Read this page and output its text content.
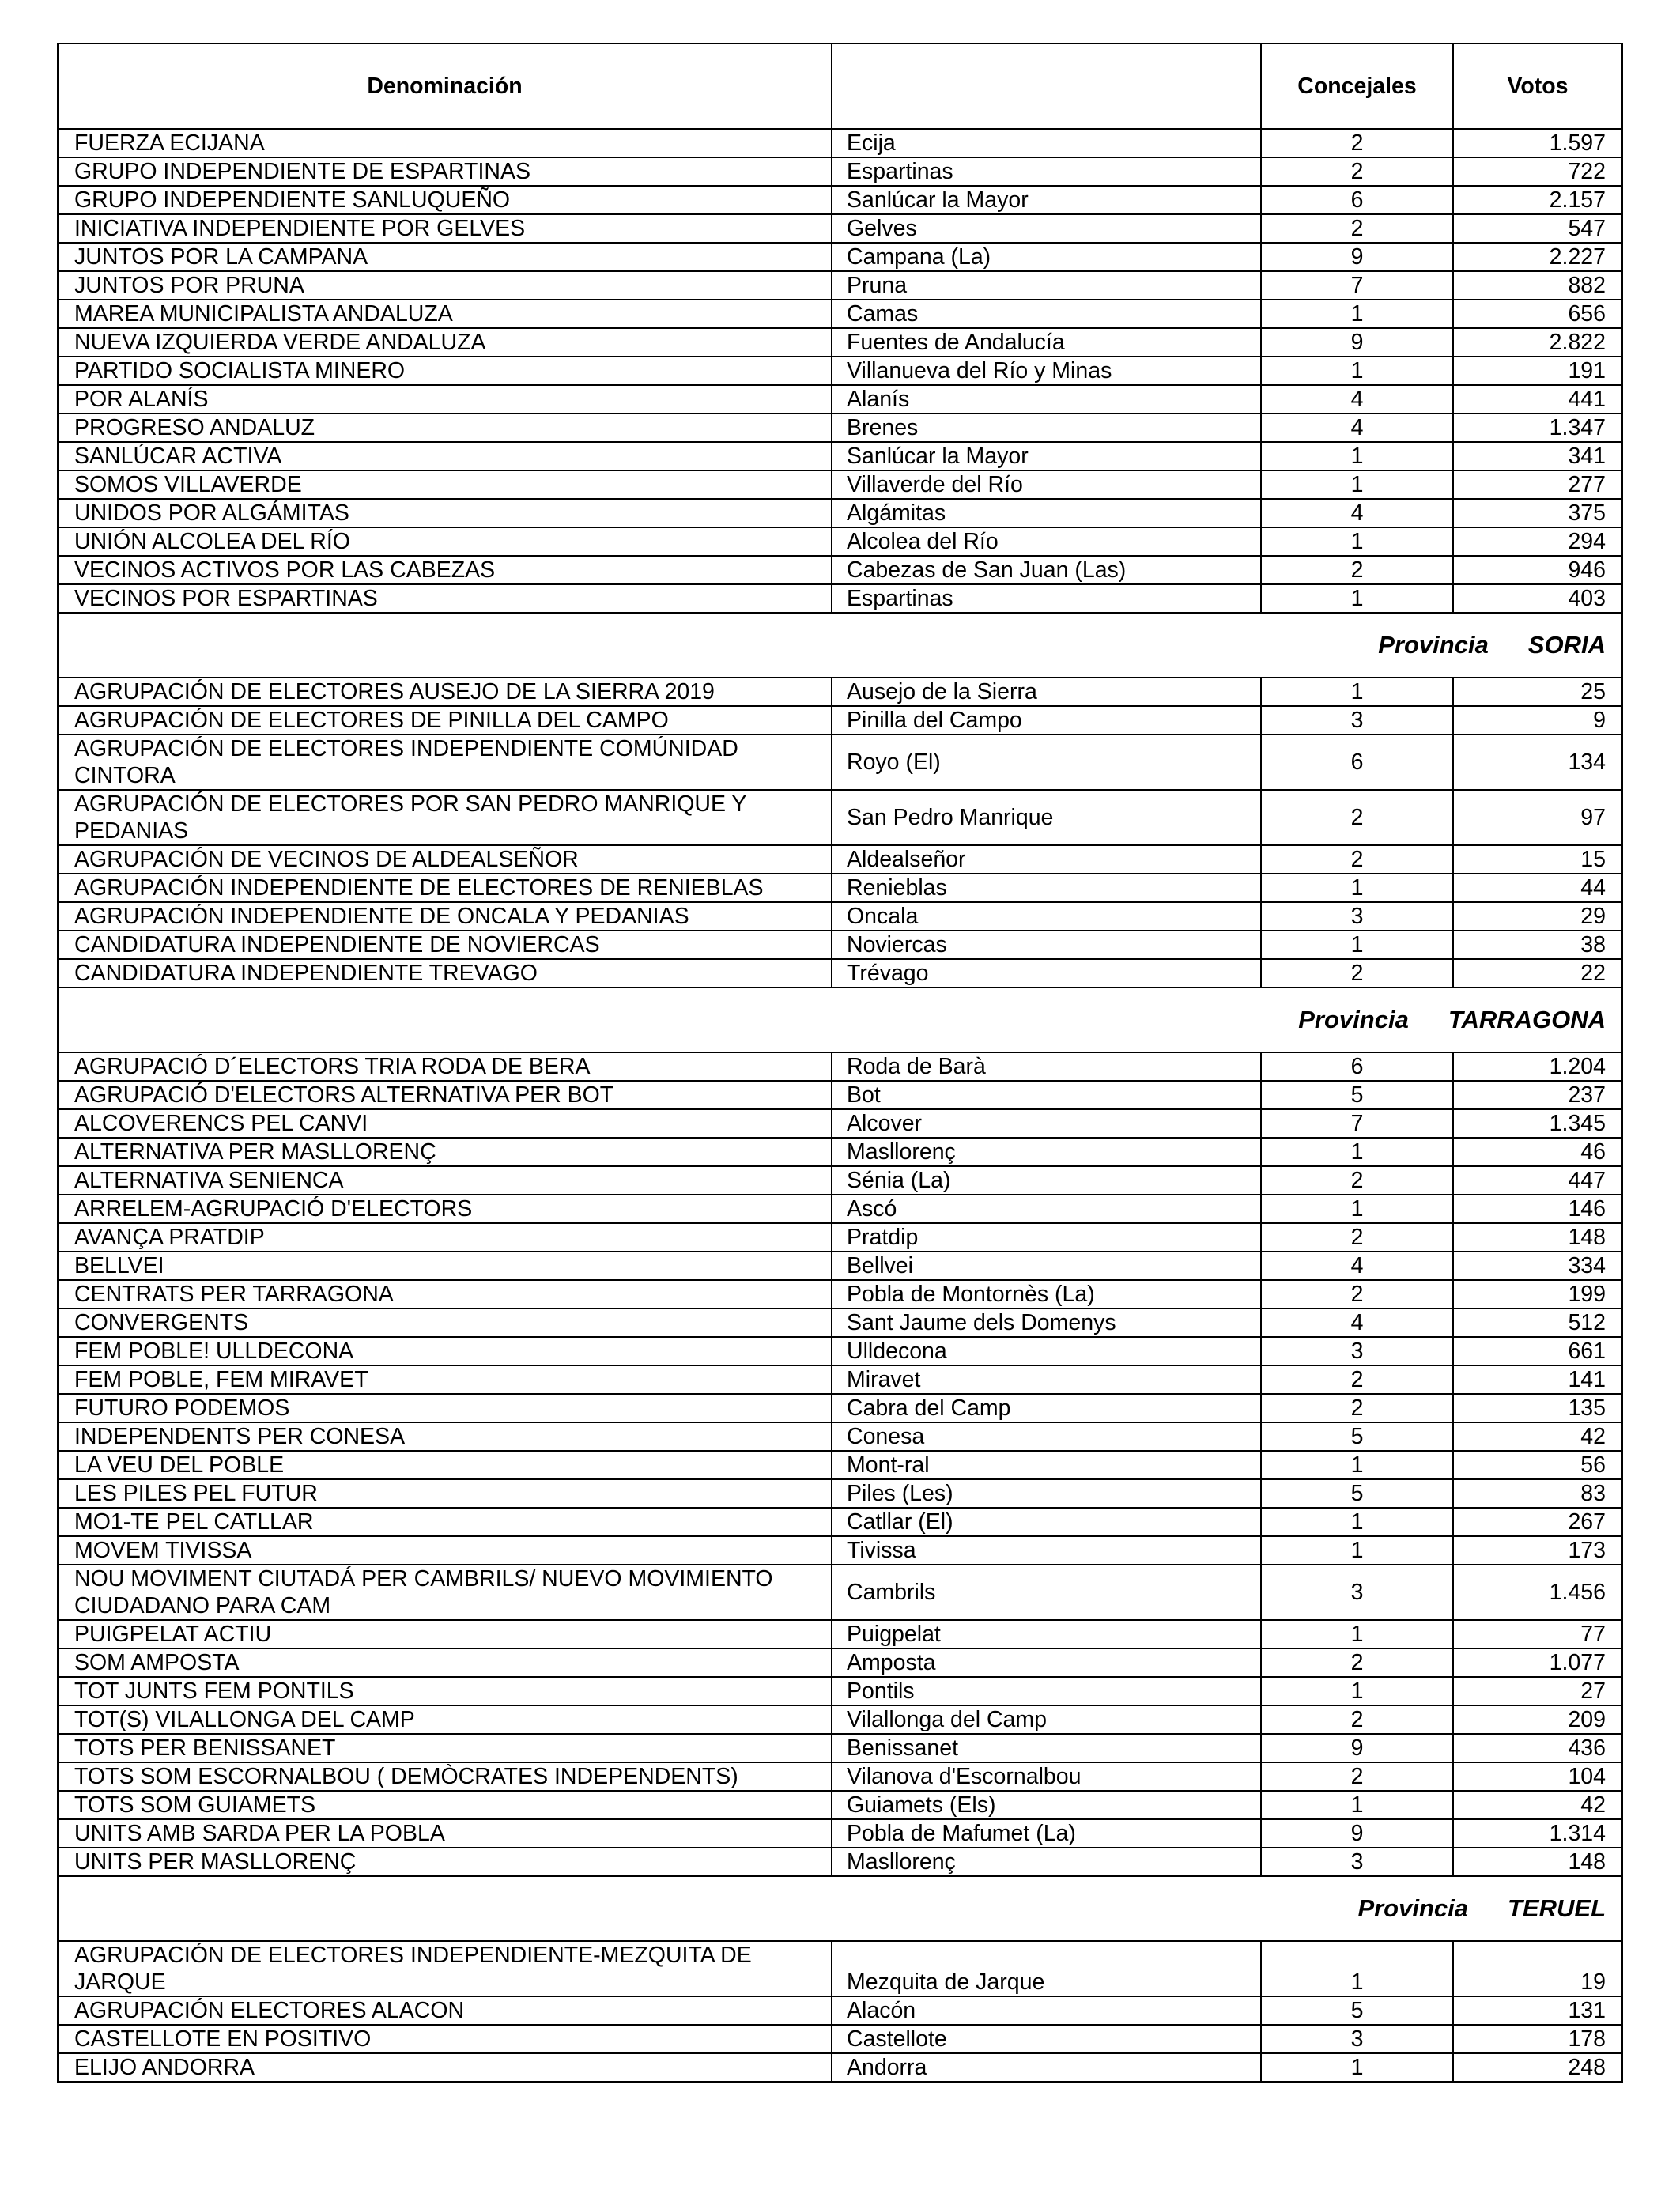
Denominación		Concejales	Votos
FUERZA ECIJANA	Ecija	2	1.597
GRUPO INDEPENDIENTE DE ESPARTINAS	Espartinas	2	722
GRUPO INDEPENDIENTE SANLUQUEÑO	Sanlúcar la Mayor	6	2.157
INICIATIVA INDEPENDIENTE POR GELVES	Gelves	2	547
JUNTOS POR LA CAMPANA	Campana (La)	9	2.227
JUNTOS POR PRUNA	Pruna	7	882
MAREA MUNICIPALISTA ANDALUZA	Camas	1	656
NUEVA IZQUIERDA VERDE ANDALUZA	Fuentes de Andalucía	9	2.822
PARTIDO SOCIALISTA MINERO	Villanueva del Río y Minas	1	191
POR ALANÍS	Alanís	4	441
PROGRESO ANDALUZ	Brenes	4	1.347
SANLÚCAR ACTIVA	Sanlúcar la Mayor	1	341
SOMOS VILLAVERDE	Villaverde del Río	1	277
UNIDOS POR ALGÁMITAS	Algámitas	4	375
UNIÓN ALCOLEA DEL RÍO	Alcolea del Río	1	294
VECINOS ACTIVOS POR LAS CABEZAS	Cabezas de San Juan (Las)	2	946
VECINOS POR ESPARTINAS	Espartinas	1	403
Provincia SORIA			
AGRUPACIÓN DE ELECTORES AUSEJO DE LA SIERRA 2019	Ausejo de la Sierra	1	25
AGRUPACIÓN DE ELECTORES DE PINILLA DEL CAMPO	Pinilla del Campo	3	9
AGRUPACIÓN DE ELECTORES INDEPENDIENTE COMÚNIDAD CINTORA	Royo (El)	6	134
AGRUPACIÓN DE ELECTORES POR SAN PEDRO MANRIQUE Y PEDANIAS	San Pedro Manrique	2	97
AGRUPACIÓN DE VECINOS DE ALDEALSEÑOR	Aldealseñor	2	15
AGRUPACIÓN INDEPENDIENTE DE ELECTORES DE RENIEBLAS	Renieblas	1	44
AGRUPACIÓN INDEPENDIENTE DE ONCALA Y PEDANIAS	Oncala	3	29
CANDIDATURA INDEPENDIENTE DE NOVIERCAS	Noviercas	1	38
CANDIDATURA INDEPENDIENTE TREVAGO	Trévago	2	22
Provincia TARRAGONA			
AGRUPACIÓ D´ELECTORS TRIA RODA DE BERA	Roda de Barà	6	1.204
AGRUPACIÓ D'ELECTORS ALTERNATIVA PER BOT	Bot	5	237
ALCOVERENCS PEL CANVI	Alcover	7	1.345
ALTERNATIVA PER MASLLORENÇ	Masllorenç	1	46
ALTERNATIVA SENIENCA	Sénia (La)	2	447
ARRELEM-AGRUPACIÓ D'ELECTORS	Ascó	1	146
AVANÇA PRATDIP	Pratdip	2	148
BELLVEI	Bellvei	4	334
CENTRATS PER TARRAGONA	Pobla de Montornès (La)	2	199
CONVERGENTS	Sant Jaume dels Domenys	4	512
FEM POBLE! ULLDECONA	Ulldecona	3	661
FEM POBLE, FEM MIRAVET	Miravet	2	141
FUTURO PODEMOS	Cabra del Camp	2	135
INDEPENDENTS PER CONESA	Conesa	5	42
LA VEU DEL POBLE	Mont-ral	1	56
LES PILES PEL FUTUR	Piles (Les)	5	83
MO1-TE PEL CATLLAR	Catllar (El)	1	267
MOVEM TIVISSA	Tivissa	1	173
NOU MOVIMENT CIUTADÁ PER CAMBRILS/ NUEVO MOVIMIENTO CIUDADANO PARA CAM	Cambrils	3	1.456
PUIGPELAT ACTIU	Puigpelat	1	77
SOM AMPOSTA	Amposta	2	1.077
TOT JUNTS FEM PONTILS	Pontils	1	27
TOT(S) VILALLONGA DEL CAMP	Vilallonga del Camp	2	209
TOTS PER BENISSANET	Benissanet	9	436
TOTS SOM ESCORNALBOU ( DEMÒCRATES INDEPENDENTS)	Vilanova d'Escornalbou	2	104
TOTS SOM GUIAMETS	Guiamets (Els)	1	42
UNITS AMB SARDA PER LA POBLA	Pobla de Mafumet (La)	9	1.314
UNITS PER MASLLORENÇ	Masllorenç	3	148
Provincia TERUEL			
AGRUPACIÓN DE ELECTORES INDEPENDIENTE-MEZQUITA DE JARQUE	Mezquita de Jarque	1	19
AGRUPACIÓN ELECTORES ALACON	Alacón	5	131
CASTELLOTE EN POSITIVO	Castellote	3	178
ELIJO ANDORRA	Andorra	1	248
